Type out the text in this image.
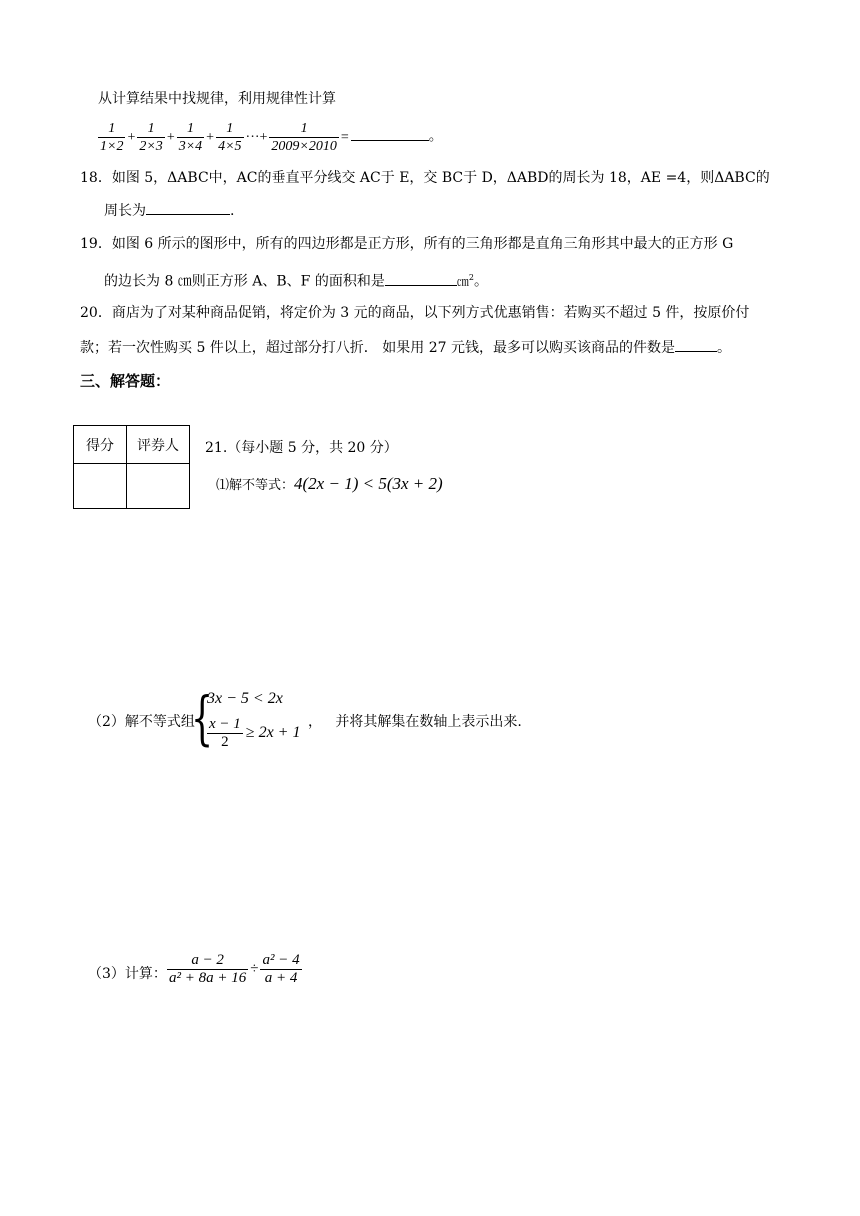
从计算结果中找规律，利用规律性计算
$\frac{1}{1\times 2} + \frac{1}{2\times 3} + \frac{1}{3\times 4} + \frac{1}{4\times 5}$ ···+ $\frac{1}{2009\times 2010}$ =	。
18．如图 5，ΔABC中，AC的垂直平分线交 AC于 E，交 BC于 D，ΔABD的周长为 18，AE =4，则ΔABC的
周长为	.
19．如图 6 所示的图形中，所有的四边形都是正方形，所有的三角形都是直角三角形其中最大的正方形 G
的边长为 8 ㎝则正方形 A、B、F 的面积和是	㎝$^2$。
20．商店为了对某种商品促销，将定价为 3 元的商品，以下列方式优惠销售：若购买不超过 5 件，按原价付
款；若一次性购买 5 件以上，超过部分打八折． 如果用 27 元钱，最多可以购买该商品的件数是	。
三、解答题：
得分	评券人
	21.（每小题 5 分，共 20 分）
⑴解不等式：4(2x − 1) < 5(3x + 2)
（2）解不等式组
{
3x − 5 < 2x
$\frac{x - 1}{2} \ge 2x + 1$
， 并将其解集在数轴上表示出来.
（3）计算： $\frac{a - 2}{\text{a² + 8a + 16}} \div \frac{\text{a² − 4}}{a + 4}$
